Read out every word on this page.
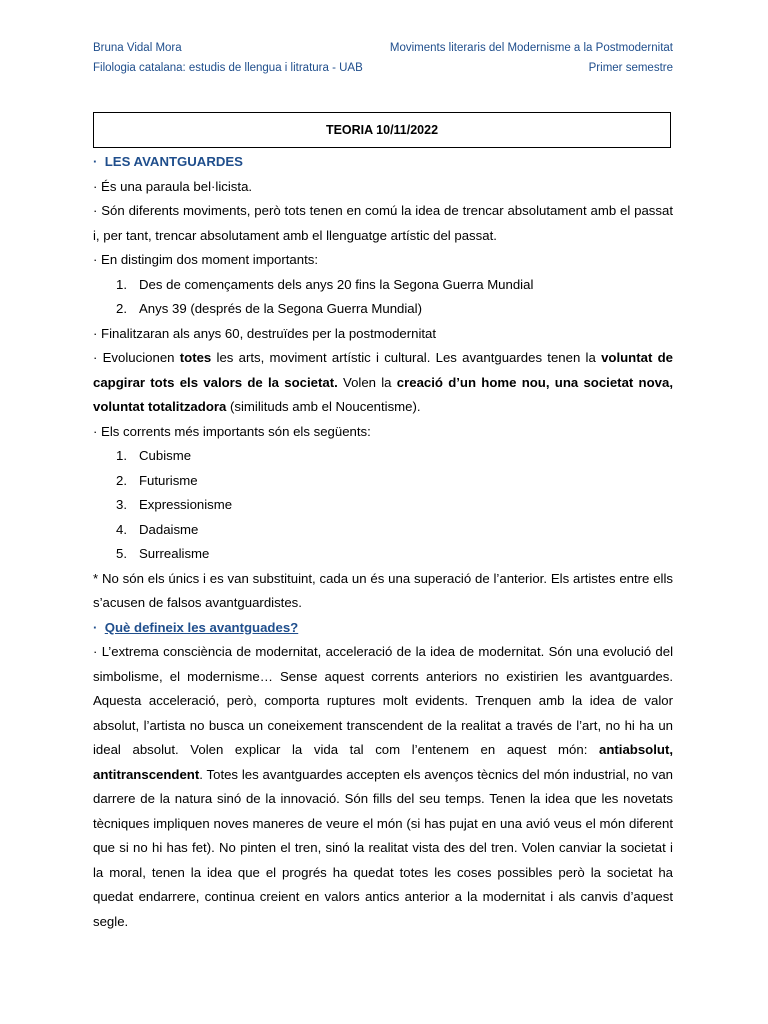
Bruna Vidal Mora	Moviments literaris del Modernisme a la Postmodernitat
Filologia catalana: estudis de llengua i litratura - UAB	Primer semestre
TEORIA 10/11/2022

·  LES AVANTGUARDES

· És una paraula bel·licista.

· Són diferents moviments, però tots tenen en comú la idea de trencar absolutament amb el passat i, per tant, trencar absolutament amb el llenguatge artístic del passat.

· En distingim dos moment importants:

1. Des de començaments dels anys 20 fins la Segona Guerra Mundial
2. Anys 39 (després de la Segona Guerra Mundial)

· Finalitzaran als anys 60, destruïdes per la postmodernitat

· Evolucionen totes les arts, moviment artístic i cultural. Les avantguardes tenen la voluntat de capgirar tots els valors de la societat. Volen la creació d’un home nou, una societat nova, voluntat totalitzadora (similituds amb el Noucentisme).

· Els corrents més importants són els següents:

1. Cubisme
2. Futurisme
3. Expressionisme
4. Dadaisme
5. Surrealisme

* No són els únics i es van substituint, cada un és una superació de l’anterior. Els artistes entre ells s’acusen de falsos avantguardistes.

·  Què defineix les avantguades?

· L’extrema consciència de modernitat, acceleració de la idea de modernitat. Són una evolució del simbolisme, el modernisme… Sense aquest corrents anteriors no existirien les avantguardes. Aquesta acceleració, però, comporta ruptures molt evidents. Trenquen amb la idea de valor absolut, l’artista no busca un coneixement transcendent de la realitat a través de l’art, no hi ha un ideal absolut. Volen explicar la vida tal com l’entenem en aquest món: antiabsolut, antitranscendent. Totes les avantguardes accepten els avenços tècnics del món industrial, no van darrere de la natura sinó de la innovació. Són fills del seu temps. Tenen la idea que les novetats tècniques impliquen noves maneres de veure el món (si has pujat en una avió veus el món diferent que si no hi has fet). No pinten el tren, sinó la realitat vista des del tren. Volen canviar la societat i la moral, tenen la idea que el progrés ha quedat totes les coses possibles però la societat ha quedat endarrere, continua creient en valors antics anterior a la modernitat i als canvis d’aquest segle.
